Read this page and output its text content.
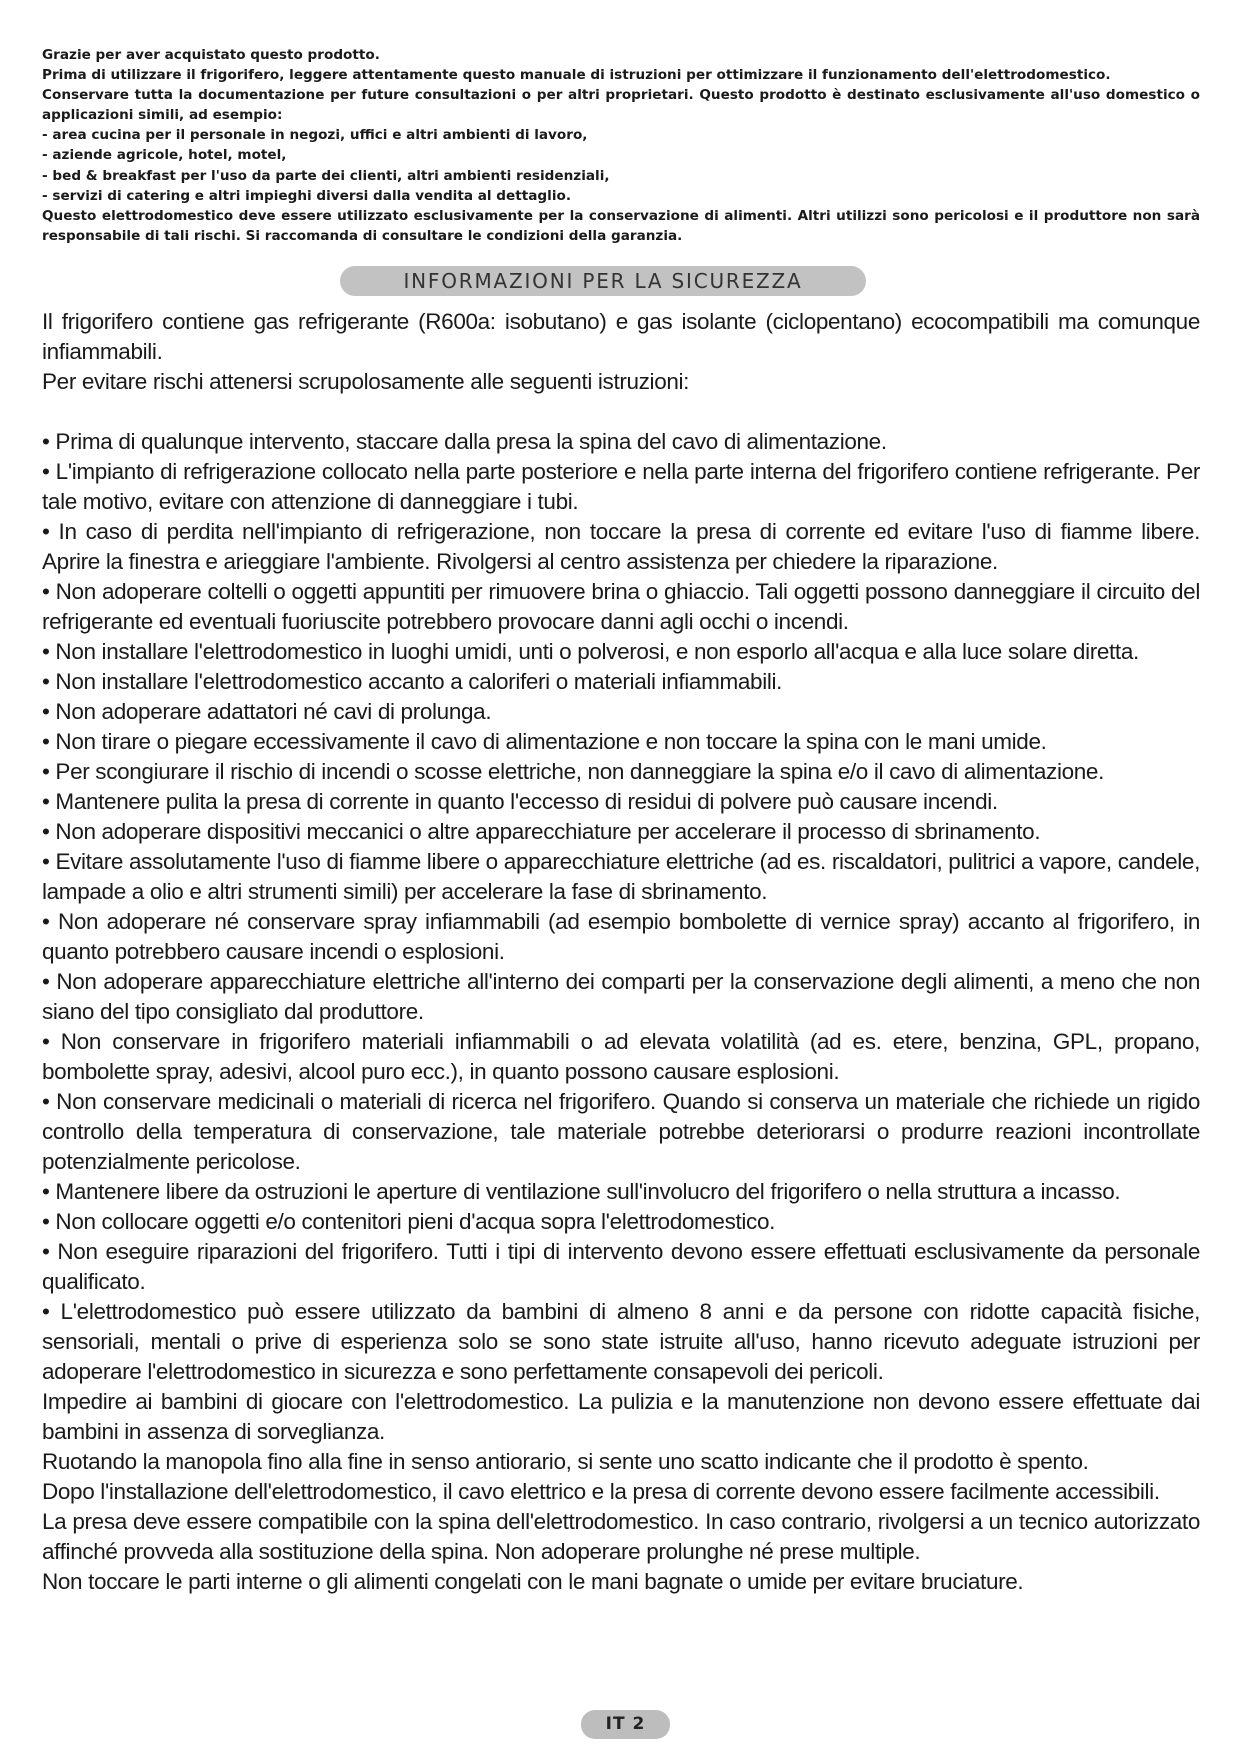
Grazie per aver acquistato questo prodotto.

Prima di utilizzare il frigorifero, leggere attentamente questo manuale di istruzioni per ottimizzare il funzionamento dell'elettrodomestico.

Conservare tutta la documentazione per future consultazioni o per altri proprietari. Questo prodotto è destinato esclusivamente all'uso domestico o applicazioni simili, ad esempio:

- area cucina per il personale in negozi, uffici e altri ambienti di lavoro,

- aziende agricole, hotel, motel,

- bed & breakfast per l'uso da parte dei clienti, altri ambienti residenziali,

- servizi di catering e altri impieghi diversi dalla vendita al dettaglio.

Questo elettrodomestico deve essere utilizzato esclusivamente per la conservazione di alimenti. Altri utilizzi sono pericolosi e il produttore non sarà responsabile di tali rischi. Si raccomanda di consultare le condizioni della garanzia.

INFORMAZIONI PER LA SICUREZZA

Il frigorifero contiene gas refrigerante (R600a: isobutano) e gas isolante (ciclopentano) ecocompatibili ma comunque infiammabili.

Per evitare rischi attenersi scrupolosamente alle seguenti istruzioni:

• Prima di qualunque intervento, staccare dalla presa la spina del cavo di alimentazione.

• L'impianto di refrigerazione collocato nella parte posteriore e nella parte interna del frigorifero contiene refrigerante. Per tale motivo, evitare con attenzione di danneggiare i tubi.

• In caso di perdita nell'impianto di refrigerazione, non toccare la presa di corrente ed evitare l'uso di fiamme libere. Aprire la finestra e arieggiare l'ambiente. Rivolgersi al centro assistenza per chiedere la riparazione.

• Non adoperare coltelli o oggetti appuntiti per rimuovere brina o ghiaccio. Tali oggetti possono danneggiare il circuito del refrigerante ed eventuali fuoriuscite potrebbero provocare danni agli occhi o incendi.

• Non installare l'elettrodomestico in luoghi umidi, unti o polverosi, e non esporlo all'acqua e alla luce solare diretta.

• Non installare l'elettrodomestico accanto a caloriferi o materiali infiammabili.

• Non adoperare adattatori né cavi di prolunga.

• Non tirare o piegare eccessivamente il cavo di alimentazione e non toccare la spina con le mani umide.

• Per scongiurare il rischio di incendi o scosse elettriche, non danneggiare la spina e/o il cavo di alimentazione.

• Mantenere pulita la presa di corrente in quanto l'eccesso di residui di polvere può causare incendi.

• Non adoperare dispositivi meccanici o altre apparecchiature per accelerare il processo di sbrinamento.

• Evitare assolutamente l'uso di fiamme libere o apparecchiature elettriche (ad es. riscaldatori, pulitrici a vapore, candele, lampade a olio e altri strumenti simili) per accelerare la fase di sbrinamento.

• Non adoperare né conservare spray infiammabili (ad esempio bombolette di vernice spray) accanto al frigorifero, in quanto potrebbero causare incendi o esplosioni.

• Non adoperare apparecchiature elettriche all'interno dei comparti per la conservazione degli alimenti, a meno che non siano del tipo consigliato dal produttore.

• Non conservare in frigorifero materiali infiammabili o ad elevata volatilità (ad es. etere, benzina, GPL, propano, bombolette spray, adesivi, alcool puro ecc.), in quanto possono causare esplosioni.

• Non conservare medicinali o materiali di ricerca nel frigorifero. Quando si conserva un materiale che richiede un rigido controllo della temperatura di conservazione, tale materiale potrebbe deteriorarsi o produrre reazioni incontrollate potenzialmente pericolose.

• Mantenere libere da ostruzioni le aperture di ventilazione sull'involucro del frigorifero o nella struttura a incasso.

• Non collocare oggetti e/o contenitori pieni d'acqua sopra l'elettrodomestico.

• Non eseguire riparazioni del frigorifero. Tutti i tipi di intervento devono essere effettuati esclusivamente da personale qualificato.

• L'elettrodomestico può essere utilizzato da bambini di almeno 8 anni e da persone con ridotte capacità fisiche, sensoriali, mentali o prive di esperienza solo se sono state istruite all'uso, hanno ricevuto adeguate istruzioni per adoperare l'elettrodomestico in sicurezza e sono perfettamente consapevoli dei pericoli.

Impedire ai bambini di giocare con l'elettrodomestico. La pulizia e la manutenzione non devono essere effettuate dai bambini in assenza di sorveglianza.

Ruotando la manopola fino alla fine in senso antiorario, si sente uno scatto indicante che il prodotto è spento.

Dopo l'installazione dell'elettrodomestico, il cavo elettrico e la presa di corrente devono essere facilmente accessibili.

La presa deve essere compatibile con la spina dell'elettrodomestico. In caso contrario, rivolgersi a un tecnico autorizzato affinché provveda alla sostituzione della spina. Non adoperare prolunghe né prese multiple.

Non toccare le parti interne o gli alimenti congelati con le mani bagnate o umide per evitare bruciature.

IT 2
